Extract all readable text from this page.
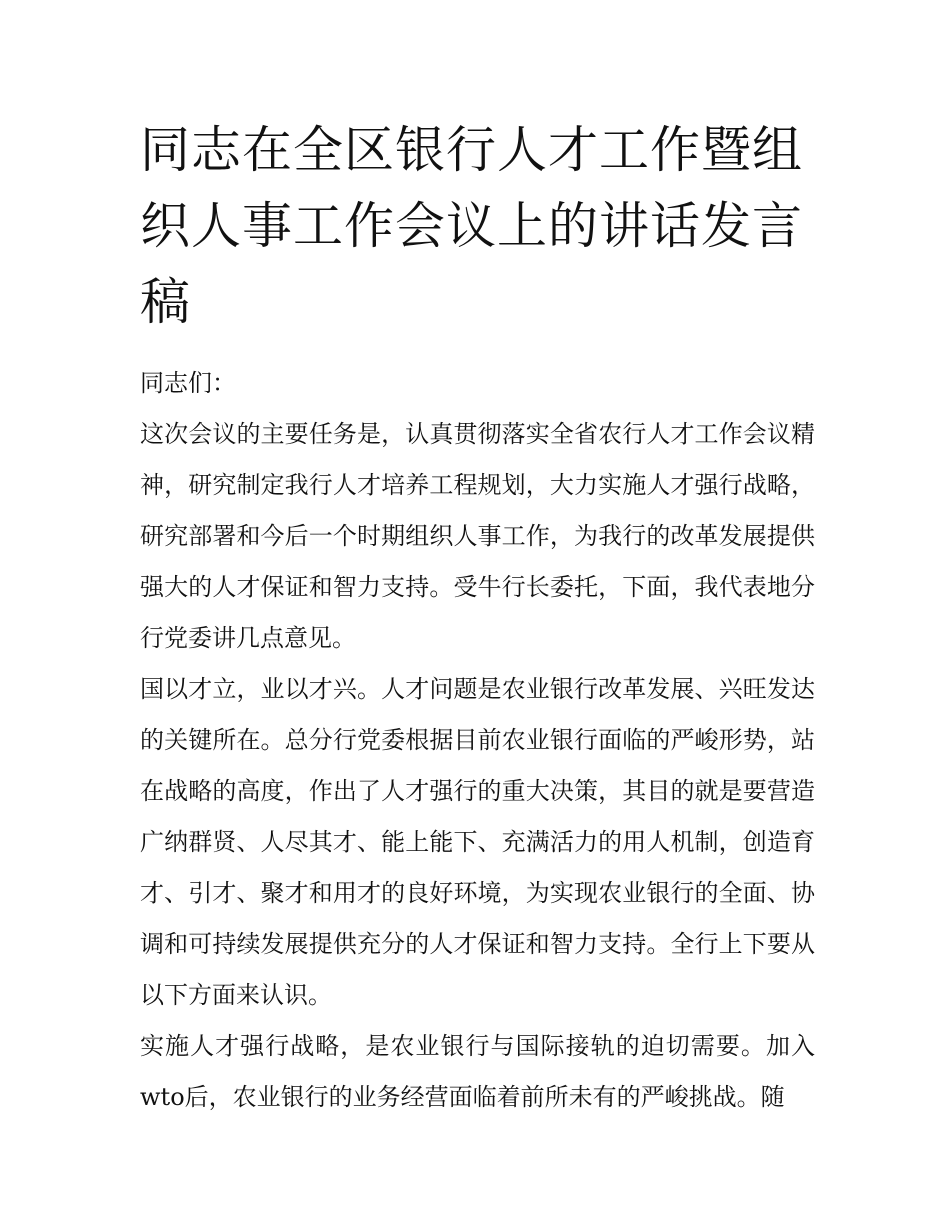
同志在全区银行人才工作暨组织人事工作会议上的讲话发言稿

同志们：

这次会议的主要任务是，认真贯彻落实全省农行人才工作会议精神，研究制定我行人才培养工程规划，大力实施人才强行战略，研究部署和今后一个时期组织人事工作，为我行的改革发展提供强大的人才保证和智力支持。受牛行长委托，下面，我代表地分行党委讲几点意见。

国以才立，业以才兴。人才问题是农业银行改革发展、兴旺发达的关键所在。总分行党委根据目前农业银行面临的严峻形势，站在战略的高度，作出了人才强行的重大决策，其目的就是要营造广纳群贤、人尽其才、能上能下、充满活力的用人机制，创造育才、引才、聚才和用才的良好环境，为实现农业银行的全面、协调和可持续发展提供充分的人才保证和智力支持。全行上下要从以下方面来认识。

实施人才强行战略，是农业银行与国际接轨的迫切需要。加入wto后，农业银行的业务经营面临着前所未有的严峻挑战。随
